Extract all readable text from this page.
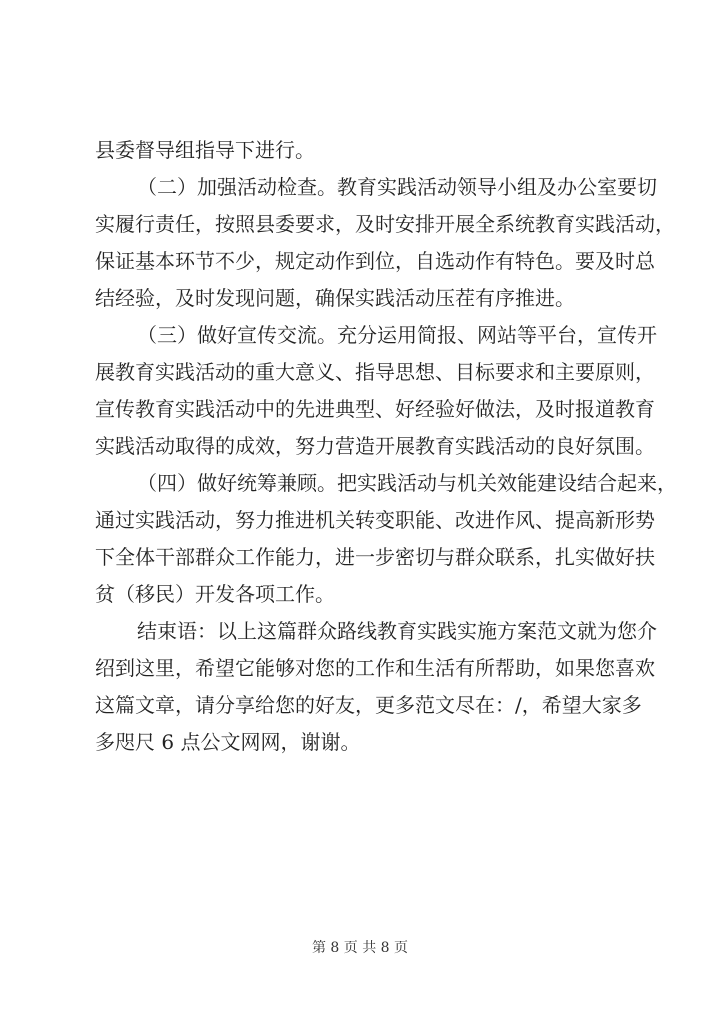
县委督导组指导下进行。
（二）加强活动检查。教育实践活动领导小组及办公室要切
实履行责任，按照县委要求，及时安排开展全系统教育实践活动，
保证基本环节不少，规定动作到位，自选动作有特色。要及时总
结经验，及时发现问题，确保实践活动压茬有序推进。
（三）做好宣传交流。充分运用简报、网站等平台，宣传开
展教育实践活动的重大意义、指导思想、目标要求和主要原则，
宣传教育实践活动中的先进典型、好经验好做法，及时报道教育
实践活动取得的成效，努力营造开展教育实践活动的良好氛围。
（四）做好统筹兼顾。把实践活动与机关效能建设结合起来，
通过实践活动，努力推进机关转变职能、改进作风、提高新形势
下全体干部群众工作能力，进一步密切与群众联系，扎实做好扶
贫（移民）开发各项工作。
结束语：以上这篇群众路线教育实践实施方案范文就为您介
绍到这里，希望它能够对您的工作和生活有所帮助，如果您喜欢
这篇文章，请分享给您的好友，更多范文尽在：/，希望大家多
多咫尺 6 点公文网网，谢谢。
第 8 页 共 8 页
